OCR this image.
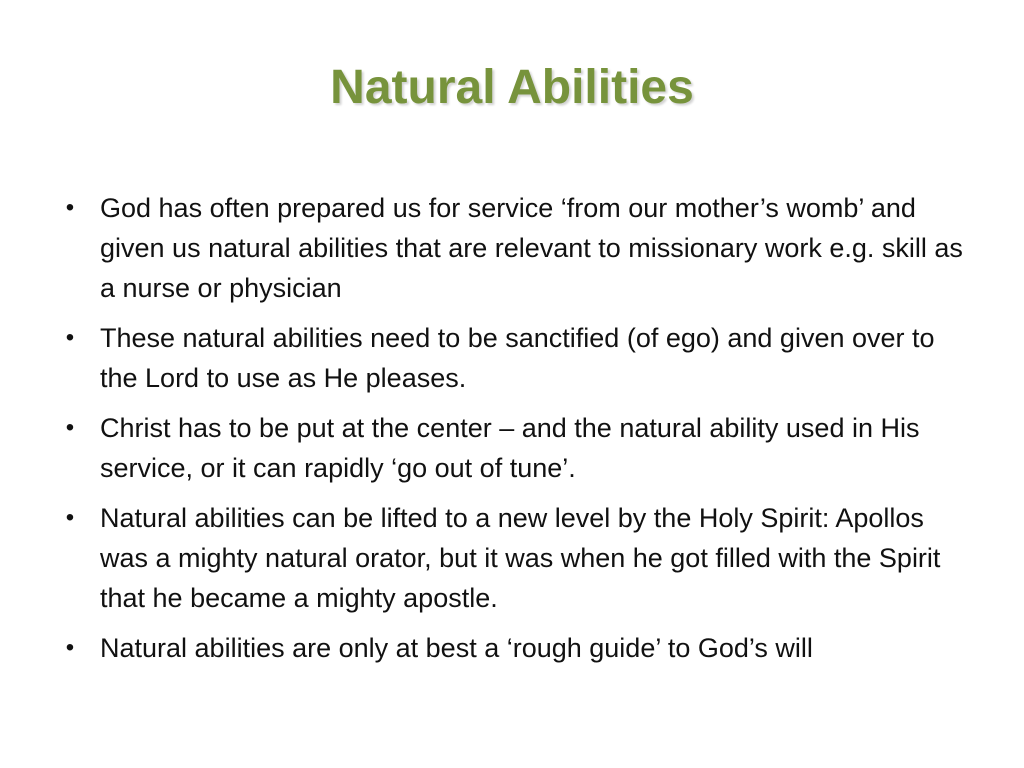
Natural Abilities
• God has often prepared us for service ‘from our mother’s womb’ and given us natural abilities that are relevant to missionary work e.g. skill as a nurse or physician
• These natural abilities need to be sanctified (of ego) and given over to the Lord to use as He pleases.
• Christ has to be put at the center – and the natural ability used in His service, or it can rapidly ‘go out of tune’.
• Natural abilities can be lifted to a new level by the Holy Spirit: Apollos was a mighty natural orator, but it was when he got filled with the Spirit that he became a mighty apostle.
• Natural abilities are only at best a ‘rough guide’ to God’s will
